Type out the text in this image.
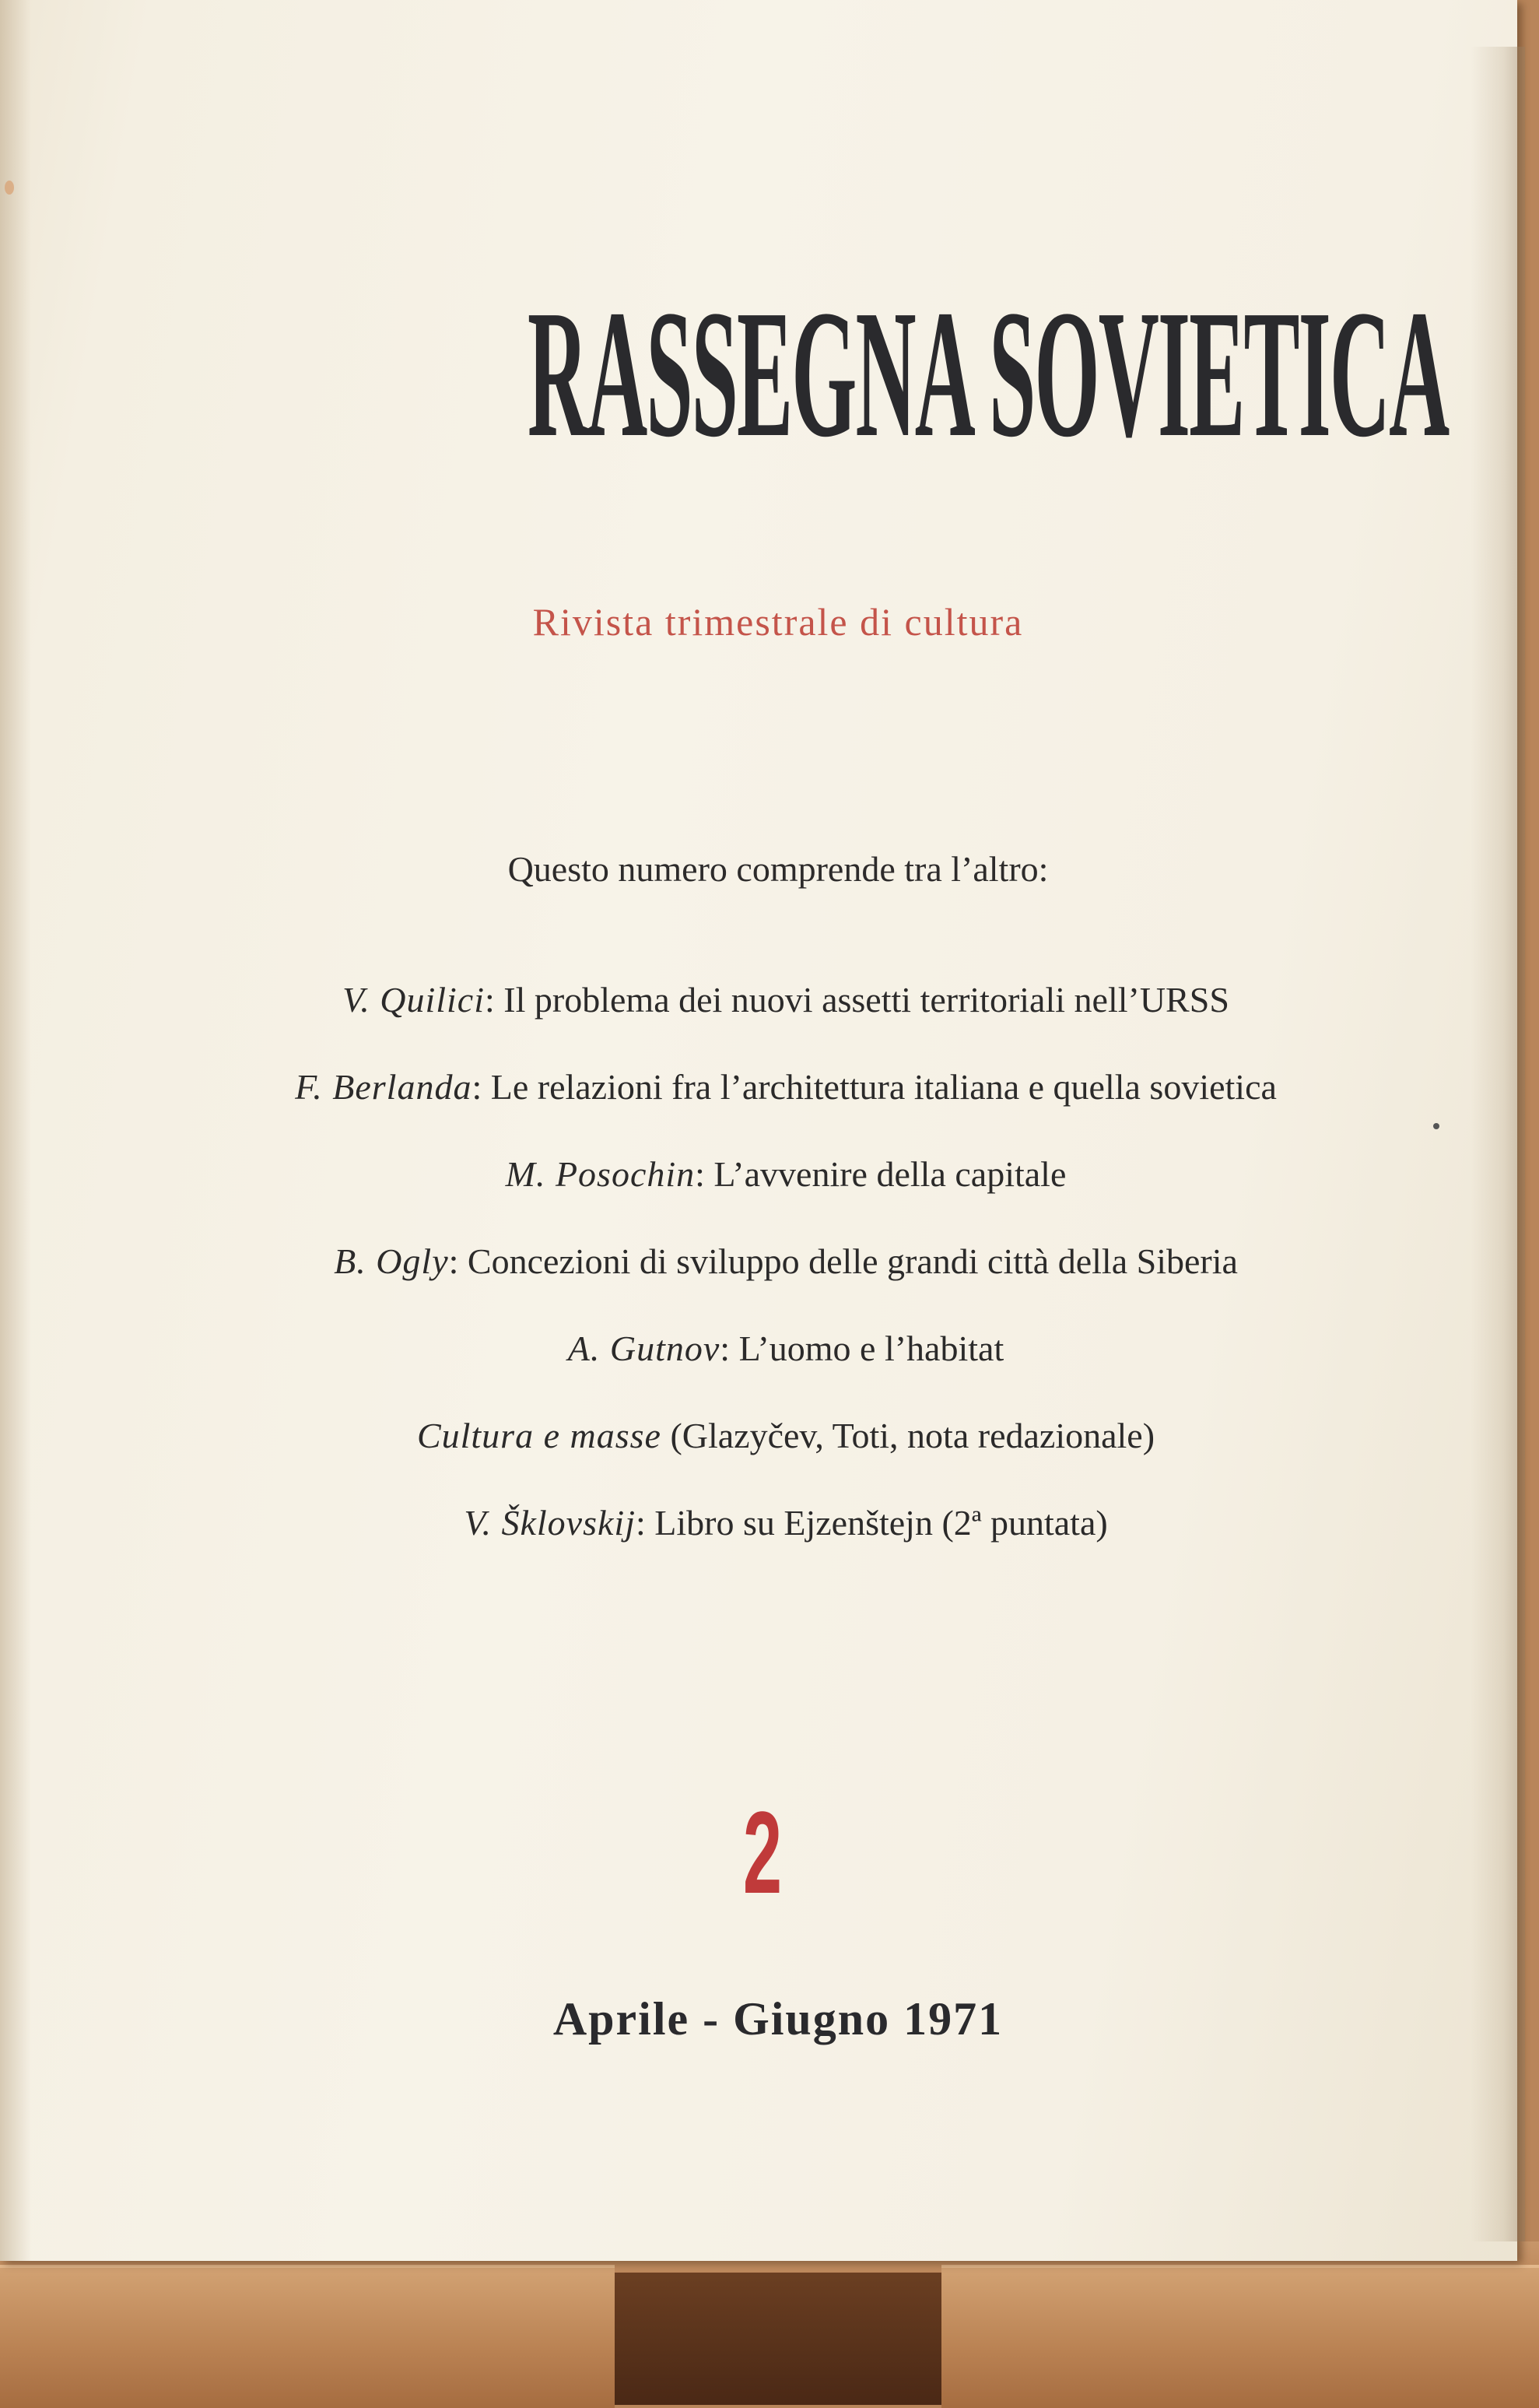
RASSEGNA SOVIETICA
Rivista trimestrale di cultura
Questo numero comprende tra l’altro:
V. Quilici: Il problema dei nuovi assetti territoriali nell’URSS
F. Berlanda: Le relazioni fra l’architettura italiana e quella sovietica
M. Posochin: L’avvenire della capitale
B. Ogly: Concezioni di sviluppo delle grandi città della Siberia
A. Gutnov: L’uomo e l’habitat
Cultura e masse (Glazyčev, Toti, nota redazionale)
V. Šklovskij: Libro su Ejzenštejn (2ª puntata)
2
Aprile - Giugno 1971
